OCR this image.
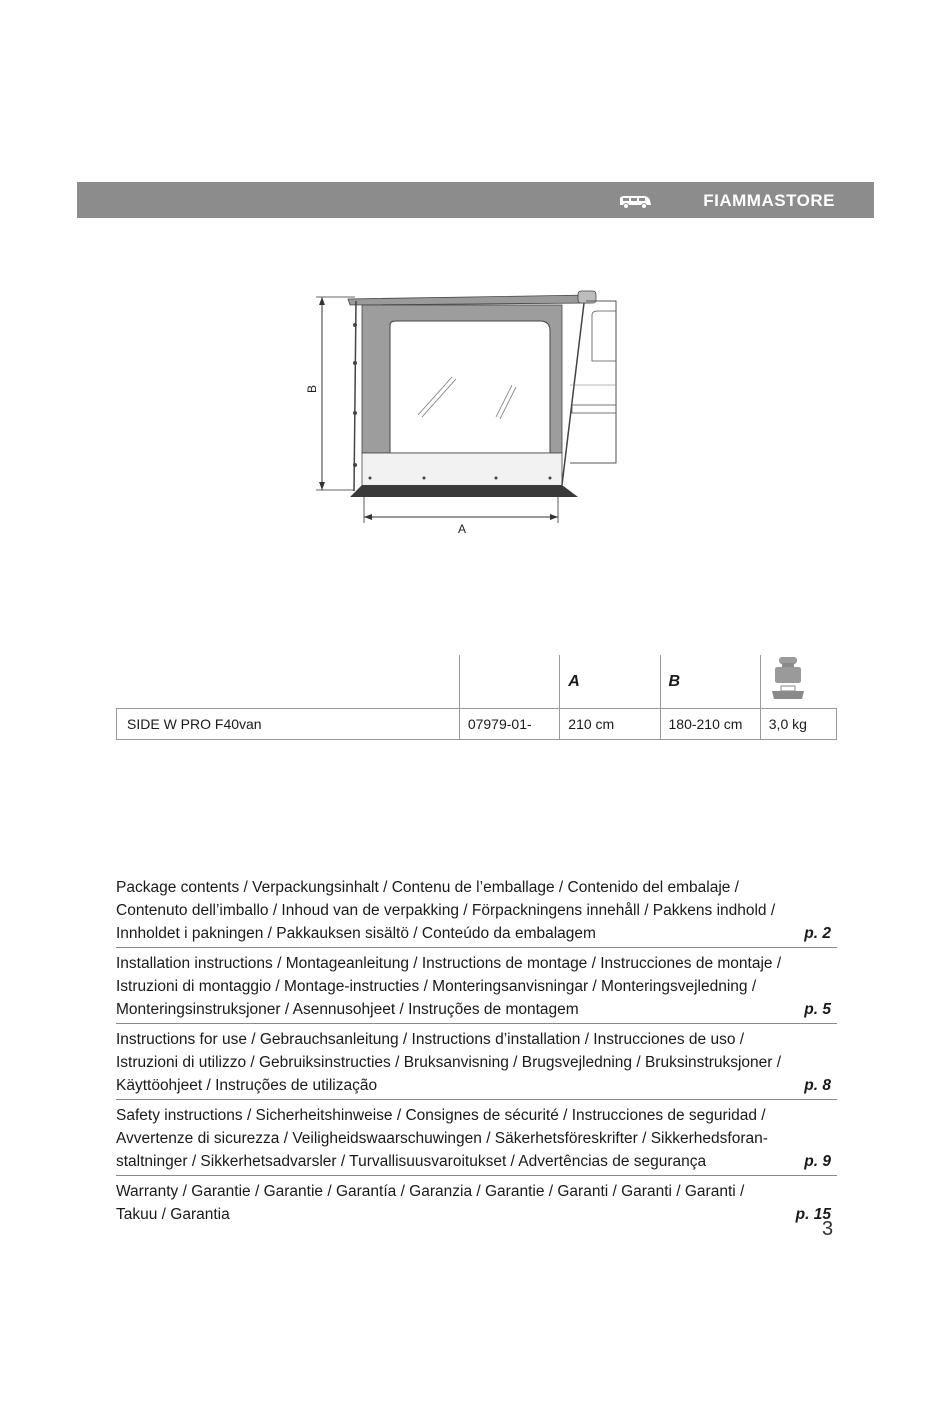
FIAMMASTORE
A
B
		A	B	
SIDE W PRO F40van	07979-01-	210 cm	180-210 cm	3,0 kg
Package contents / Verpackungsinhalt / Contenu de l’emballage / Contenido del embalaje /
Contenuto dell’imballo / Inhoud van de verpakking / Förpackningens innehåll / Pakkens indhold /
Innholdet i pakningen / Pakkauksen sisältö / Conteúdo da embalagem	p. 2
Installation instructions / Montageanleitung / Instructions de montage / Instrucciones de montaje /
Istruzioni di montaggio / Montage-instructies / Monteringsanvisningar / Monteringsvejledning /
Monteringsinstruksjoner / Asennusohjeet / Instruções de montagem	p. 5
Instructions for use / Gebrauchsanleitung / Instructions d’installation / Instrucciones de uso /
Istruzioni di utilizzo / Gebruiksinstructies / Bruksanvisning / Brugsvejledning / Bruksinstruksjoner /
Käyttöohjeet / Instruções de utilização	p. 8
Safety instructions / Sicherheitshinweise / Consignes de sécurité / Instrucciones de seguridad /
Avvertenze di sicurezza / Veiligheidswaarschuwingen / Säkerhetsföreskrifter / Sikkerhedsforan-
staltninger / Sikkerhetsadvarsler / Turvallisuusvaroitukset / Advertências de segurança	p. 9
Warranty / Garantie / Garantie / Garantía / Garanzia / Garantie / Garanti / Garanti / Garanti /
Takuu / Garantia	p. 15
3
